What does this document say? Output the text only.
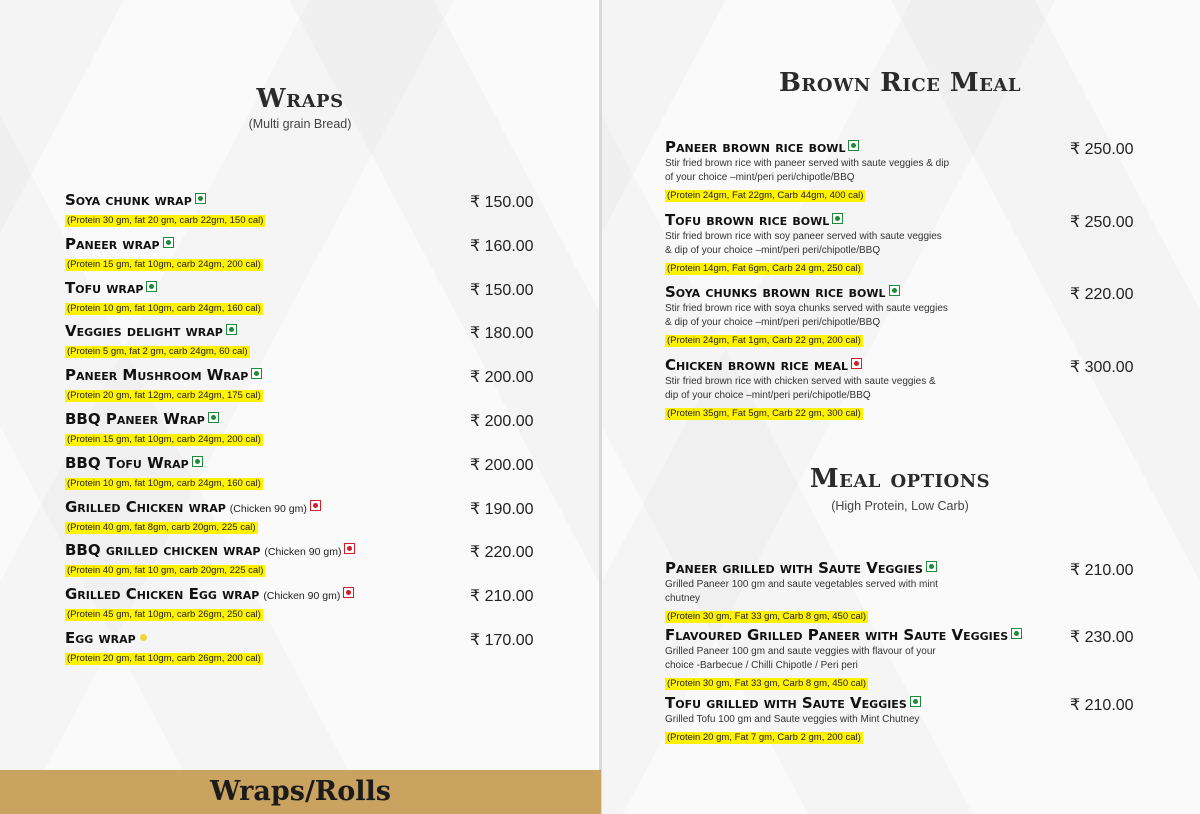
Wraps
(Multi grain Bread)
Soya chunk wrap
(Protein 30 gm, fat 20 gm, carb 22gm, 150 cal)
₹ 150.00
Paneer wrap
(Protein 15 gm, fat 10gm, carb 24gm, 200 cal)
₹ 160.00
Tofu wrap
(Protein 10 gm, fat 10gm, carb 24gm, 160 cal)
₹ 150.00
Veggies delight wrap
(Protein 5 gm, fat 2 gm, carb 24gm, 60 cal)
₹ 180.00
Paneer Mushroom Wrap
(Protein 20 gm, fat 12gm, carb 24gm, 175 cal)
₹ 200.00
BBQ Paneer Wrap
(Protein 15 gm, fat 10gm, carb 24gm, 200 cal)
₹ 200.00
BBQ Tofu Wrap
(Protein 10 gm, fat 10gm, carb 24gm, 160 cal)
₹ 200.00
Grilled Chicken wrap (Chicken 90 gm)
(Protein 40 gm, fat 8gm, carb 20gm, 225 cal)
₹ 190.00
BBQ grilled chicken wrap (Chicken 90 gm)
(Protein 40 gm, fat 10 gm, carb 20gm, 225 cal)
₹ 220.00
Grilled Chicken Egg wrap (Chicken 90 gm)
(Protein 45 gm, fat 10gm, carb 26gm, 250 cal)
₹ 210.00
Egg wrap
(Protein 20 gm, fat 10gm, carb 26gm, 200 cal)
₹ 170.00
Wraps/Rolls
Brown Rice Meal
Paneer brown rice bowl
Stir fried brown rice with paneer served with saute veggies & dip of your choice –mint/peri peri/chipotle/BBQ
(Protein 24gm, Fat 22gm, Carb 44gm, 400 cal)
₹ 250.00
Tofu brown rice bowl
Stir fried brown rice with soy paneer served with saute veggies & dip of your choice –mint/peri peri/chipotle/BBQ
(Protein 14gm, Fat 6gm, Carb 24 gm, 250 cal)
₹ 250.00
Soya chunks brown rice bowl
Stir fried brown rice with soya chunks served with saute veggies & dip of your choice –mint/peri peri/chipotle/BBQ
(Protein 24gm, Fat 1gm, Carb 22 gm, 200 cal)
₹ 220.00
Chicken brown rice meal
Stir fried brown rice with chicken served with saute veggies & dip of your choice –mint/peri peri/chipotle/BBQ
(Protein 35gm, Fat 5gm, Carb 22 gm, 300 cal)
₹ 300.00
Meal options
(High Protein, Low Carb)
Paneer grilled with Saute Veggies
Grilled Paneer 100 gm and saute vegetables served with mint chutney
(Protein 30 gm, Fat 33 gm, Carb 8 gm, 450 cal)
₹ 210.00
Flavoured Grilled Paneer with Saute Veggies
Grilled Paneer 100 gm and saute veggies with flavour of your choice -Barbecue / Chilli Chipotle / Peri peri
(Protein 30 gm, Fat 33 gm, Carb 8 gm, 450 cal)
₹ 230.00
Tofu grilled with Saute Veggies
Grilled Tofu 100 gm and Saute veggies with Mint Chutney
(Protein 20 gm, Fat 7 gm, Carb 2 gm, 200 cal)
₹ 210.00
